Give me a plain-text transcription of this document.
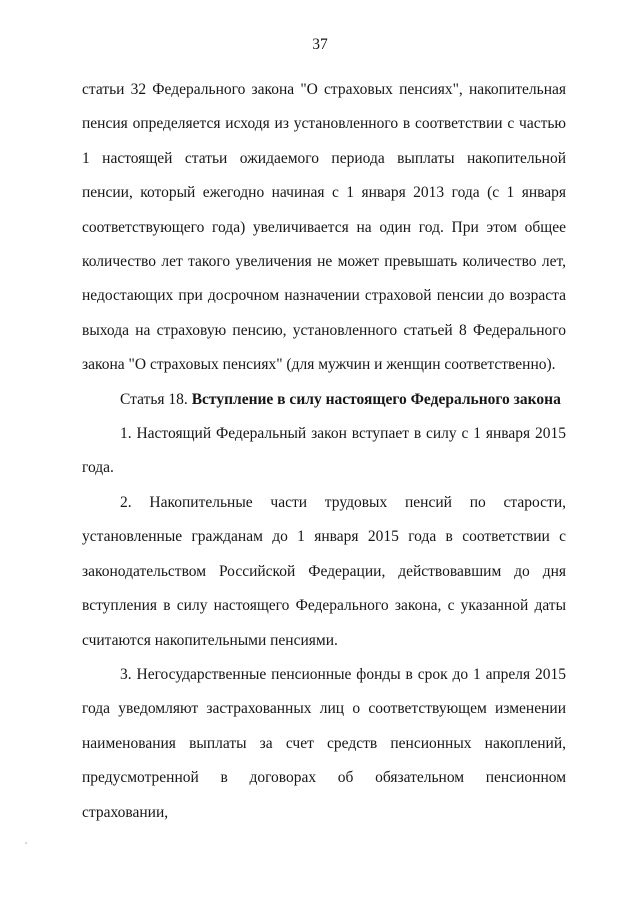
37

статьи 32 Федерального закона "О страховых пенсиях", накопительная пенсия определяется исходя из установленного в соответствии с частью 1 настоящей статьи ожидаемого периода выплаты накопительной пенсии, который ежегодно начиная с 1 января 2013 года (с 1 января соответствующего года) увеличивается на один год. При этом общее количество лет такого увеличения не может превышать количество лет, недостающих при досрочном назначении страховой пенсии до возраста выхода на страховую пенсию, установленного статьей 8 Федерального закона "О страховых пенсиях" (для мужчин и женщин соответственно).

Статья 18. Вступление в силу настоящего Федерального закона

1. Настоящий Федеральный закон вступает в силу с 1 января 2015 года.

2. Накопительные части трудовых пенсий по старости, установленные гражданам до 1 января 2015 года в соответствии с законодательством Российской Федерации, действовавшим до дня вступления в силу настоящего Федерального закона, с указанной даты считаются накопительными пенсиями.

3. Негосударственные пенсионные фонды в срок до 1 апреля 2015 года уведомляют застрахованных лиц о соответствующем изменении наименования выплаты за счет средств пенсионных накоплений, предусмотренной в договорах об обязательном пенсионном страховании,
